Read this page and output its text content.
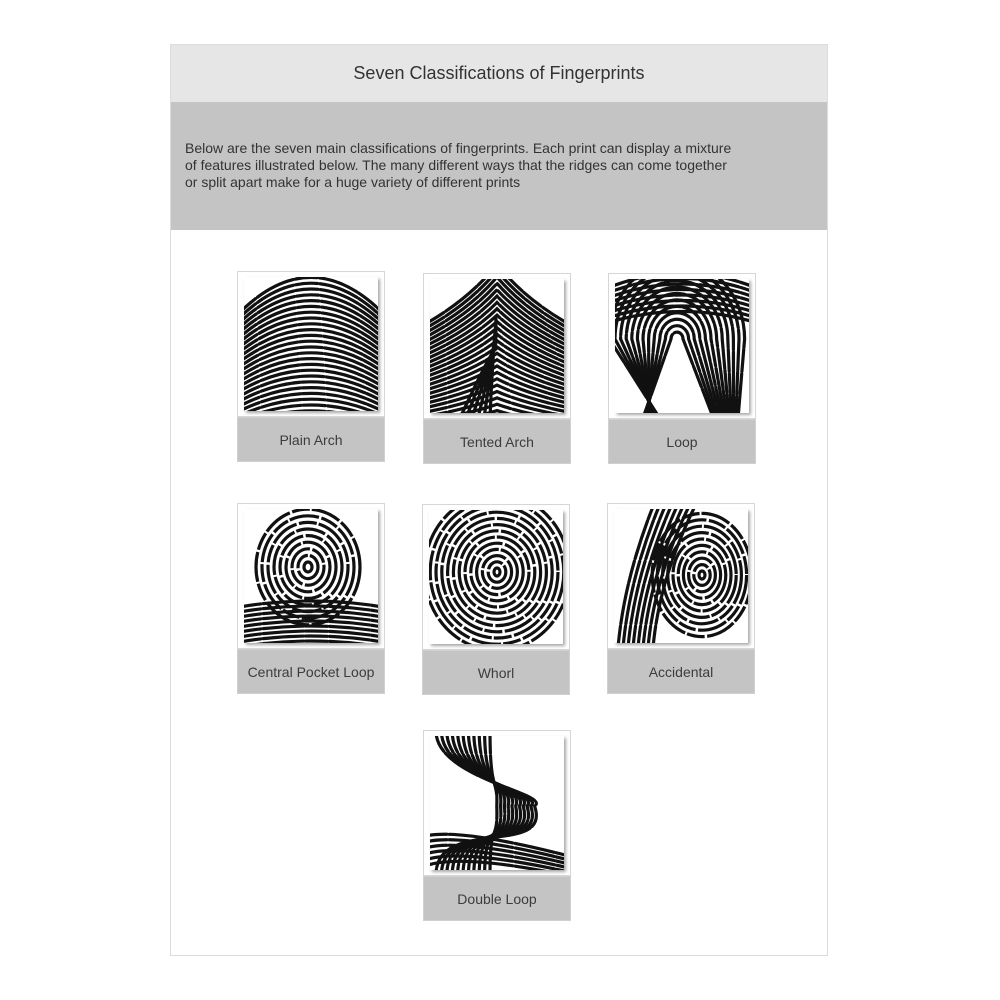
Seven Classifications of Fingerprints
Below are the seven main classifications of fingerprints. Each print can display a mixture of features illustrated below. The many different ways that the ridges can come together or split apart make for a huge variety of different prints
Plain Arch	Tented Arch	Loop
Central Pocket Loop	Whorl	Accidental
Double Loop
